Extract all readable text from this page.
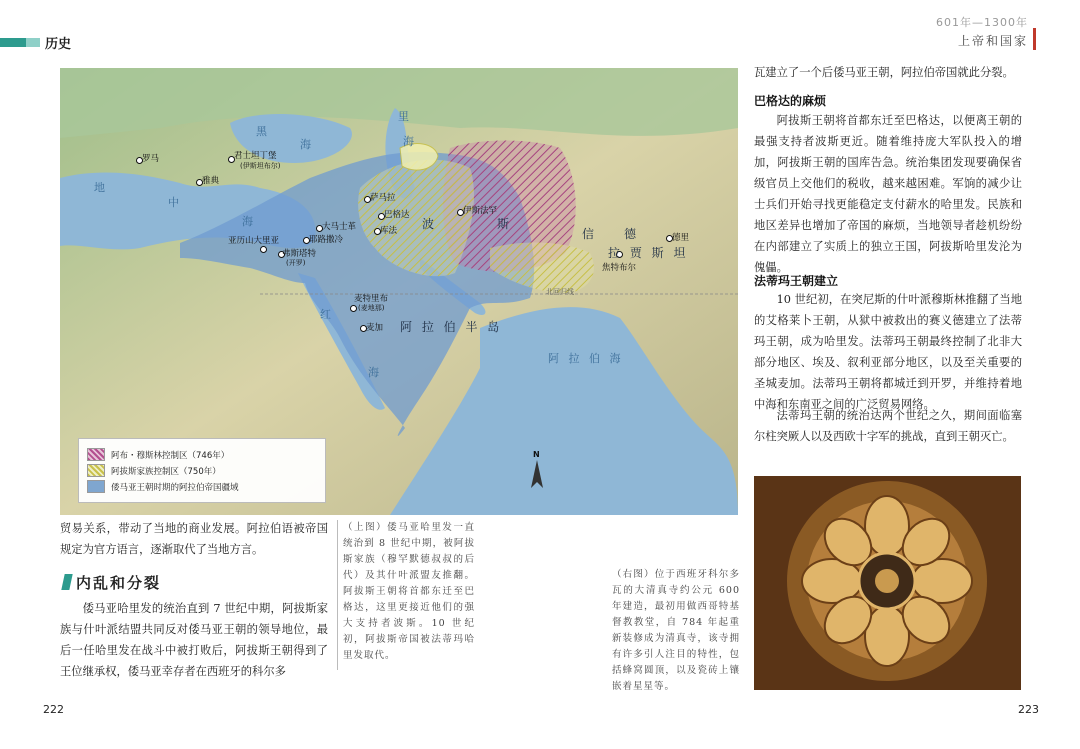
历史
601年—1300年
上帝和国家
罗马	君士坦丁堡
(伊斯坦布尔)
雅典
亚历山大里亚
弗斯塔特
(开罗)
大马士革
耶路撒冷
萨马拉
巴格达
库法
伊斯法罕
麦特里布
(麦地那)
麦加
德里
焦特布尔
波	斯
信 德
拉 贾 斯 坦
阿 拉 伯 半 岛
北回归线
黑
海
里
海
地
中
海
红
海
阿 拉 伯 海
N
阿布・穆斯林控制区（746年）
阿拔斯家族控制区（750年）
倭马亚王朝时期的阿拉伯帝国疆域
瓦建立了一个后倭马亚王朝，阿拉伯帝国就此分裂。
巴格达的麻烦
阿拔斯王朝将首都东迁至巴格达，以便离王朝的最强支持者波斯更近。随着维持庞大军队投入的增加，阿拔斯王朝的国库告急。统治集团发现要确保省级官员上交他们的税收，越来越困难。军饷的减少让士兵们开始寻找更能稳定支付薪水的哈里发。民族和地区差异也增加了帝国的麻烦，当地领导者趁机纷纷在内部建立了实质上的独立王国，阿拔斯哈里发沦为傀儡。
法蒂玛王朝建立
10 世纪初，在突尼斯的什叶派穆斯林推翻了当地的艾格莱卜王朝，从狱中被救出的赛义德建立了法蒂玛王朝，成为哈里发。法蒂玛王朝最终控制了北非大部分地区、埃及、叙利亚部分地区，以及至关重要的圣城麦加。法蒂玛王朝将都城迁到开罗，并维持着地中海和东南亚之间的广泛贸易网络。
法蒂玛王朝的统治达两个世纪之久，期间面临塞尔柱突厥人以及西欧十字军的挑战，直到王朝灭亡。
贸易关系，带动了当地的商业发展。阿拉伯语被帝国规定为官方语言，逐渐取代了当地方言。
内乱和分裂
倭马亚哈里发的统治直到 7 世纪中期，阿拔斯家族与什叶派结盟共同反对倭马亚王朝的领导地位，最后一任哈里发在战斗中被打败后，阿拔斯王朝得到了王位继承权，倭马亚幸存者在西班牙的科尔多
（上图）倭马亚哈里发一直统治到 8 世纪中期，被阿拔斯家族（穆罕默德叔叔的后代）及其什叶派盟友推翻。阿拔斯王朝将首都东迁至巴格达，这里更接近他们的强大支持者波斯。10 世纪初，阿拔斯帝国被法蒂玛哈里发取代。
（右图）位于西班牙科尔多瓦的大清真寺约公元 600 年建造，最初用做西哥特基督教教堂，自 784 年起重新装修成为清真寺，该寺拥有许多引人注目的特性，包括蜂窝圆顶，以及瓷砖上镶嵌着星星等。
222	223
